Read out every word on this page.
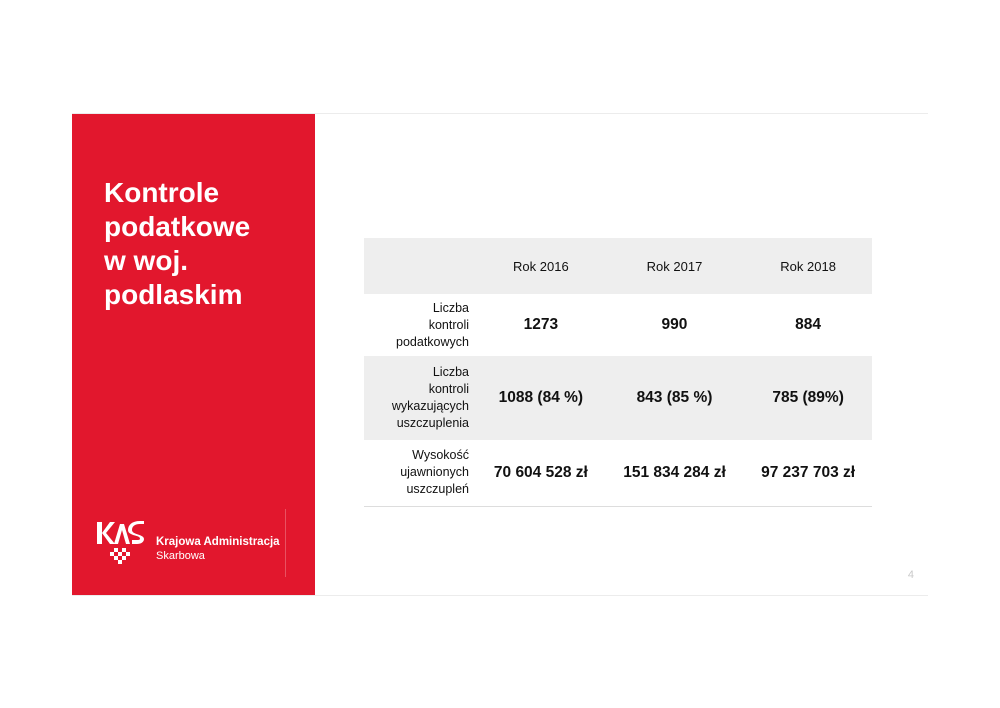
Kontrole
podatkowe
w woj.
podlaskim
Krajowa Administracja
Skarbowa
	Rok 2016	Rok 2017	Rok 2018

Liczba
kontroli
podatkowych	1273	990	884

Liczba
kontroli
wykazujących
uszczuplenia	1088 (84 %)	843 (85 %)	785 (89%)

Wysokość
ujawnionych
uszczupleń	70 604 528 zł	151 834 284 zł	97 237 703 zł
4
